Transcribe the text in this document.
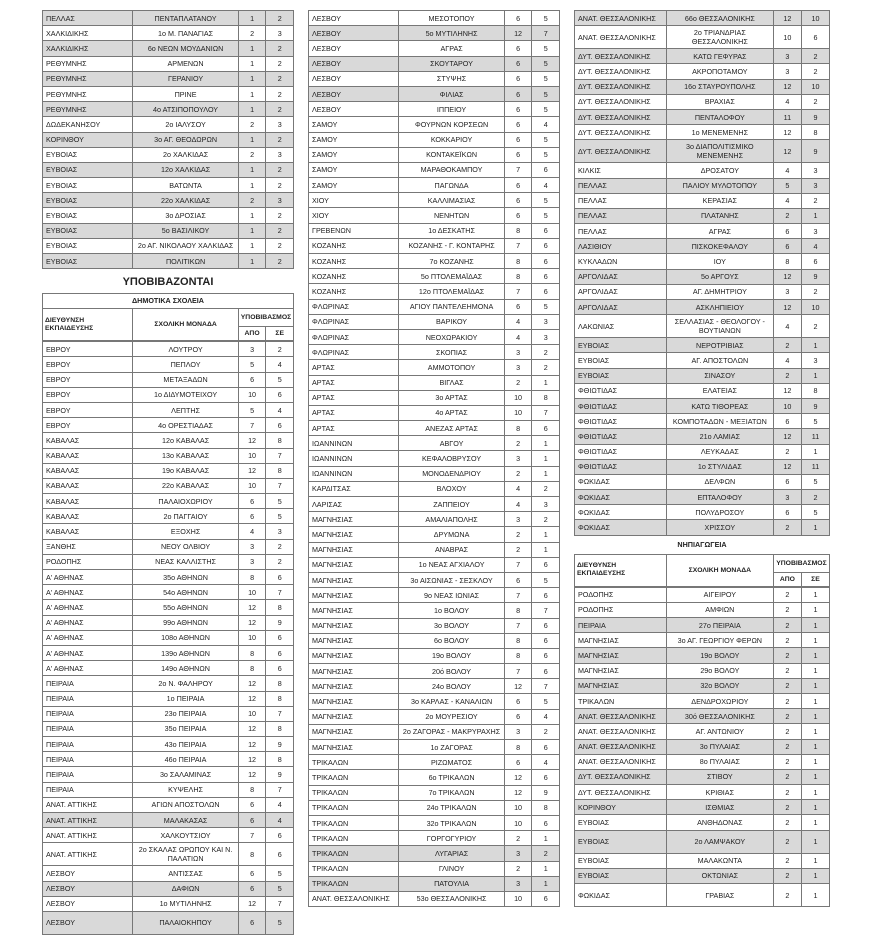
ΠΕΛΛΑΣ	ΠΕΝΤΑΠΛΑΤΑΝΟΥ	1	2
ΧΑΛΚΙΔΙΚΗΣ	1ο Μ. ΠΑΝΑΓΙΑΣ	2	3
ΧΑΛΚΙΔΙΚΗΣ	6ο ΝΕΩΝ ΜΟΥΔΑΝΙΩΝ	1	2
ΡΕΘΥΜΝΗΣ	ΑΡΜΕΝΩΝ	1	2
ΡΕΘΥΜΝΗΣ	ΓΕΡΑΝΙΟΥ	1	2
ΡΕΘΥΜΝΗΣ	ΠΡΙΝΕ	1	2
ΡΕΘΥΜΝΗΣ	4ο ΑΤΣΙΠΟΠΟΥΛΟΥ	1	2
ΔΩΔΕΚΑΝΗΣΟΥ	2ο ΙΑΛΥΣΟΥ	2	3
ΚΟΡΙΝΘΟΥ	3ο ΑΓ. ΘΕΟΔΩΡΩΝ	1	2
ΕΥΒΟΙΑΣ	2ο ΧΑΛΚΙΔΑΣ	2	3
ΕΥΒΟΙΑΣ	12ο ΧΑΛΚΙΔΑΣ	1	2
ΕΥΒΟΙΑΣ	ΒΑΤΩΝΤΑ	1	2
ΕΥΒΟΙΑΣ	22ο ΧΑΛΚΙΔΑΣ	2	3
ΕΥΒΟΙΑΣ	3ο ΔΡΟΣΙΑΣ	1	2
ΕΥΒΟΙΑΣ	5ο ΒΑΣΙΛΙΚΟΥ	1	2
ΕΥΒΟΙΑΣ	2ο ΑΓ. ΝΙΚΟΛΑΟΥ ΧΑΛΚΙΔΑΣ	1	2
ΕΥΒΟΙΑΣ	ΠΟΛΙΤΙΚΩΝ	1	2
ΥΠΟΒΙΒΑΖΟΝΤΑΙ
ΔΗΜΟΤΙΚΑ ΣΧΟΛΕΙΑ
ΔΙΕΥΘΥΝΣΗ ΕΚΠΑΙΔΕΥΣΗΣ	ΣΧΟΛΙΚΗ ΜΟΝΑΔΑ	ΥΠΟΒΙΒΑΣΜΟΣ	
		ΑΠΟ	ΣΕ
ΕΒΡΟΥ	ΛΟΥΤΡΟΥ	3	2
ΕΒΡΟΥ	ΠΕΠΛΟΥ	5	4
ΕΒΡΟΥ	ΜΕΤΑΞΑΔΩΝ	6	5
ΕΒΡΟΥ	1ο ΔΙΔΥΜΟΤΕΙΧΟΥ	10	6
ΕΒΡΟΥ	ΛΕΠΤΗΣ	5	4
ΕΒΡΟΥ	4ο ΟΡΕΣΤΙΑΔΑΣ	7	6
ΚΑΒΑΛΑΣ	12ο ΚΑΒΑΛΑΣ	12	8
ΚΑΒΑΛΑΣ	13ο ΚΑΒΑΛΑΣ	10	7
ΚΑΒΑΛΑΣ	19ο ΚΑΒΑΛΑΣ	12	8
ΚΑΒΑΛΑΣ	22ο ΚΑΒΑΛΑΣ	10	7
ΚΑΒΑΛΑΣ	ΠΑΛΑΙΟΧΩΡΙΟΥ	6	5
ΚΑΒΑΛΑΣ	2ο ΠΑΓΓΑΙΟΥ	6	5
ΚΑΒΑΛΑΣ	ΕΞΟΧΗΣ	4	3
ΞΑΝΘΗΣ	ΝΕΟΥ ΟΛΒΙΟΥ	3	2
ΡΟΔΟΠΗΣ	ΝΕΑΣ ΚΑΛΛΙΣΤΗΣ	3	2
Α' ΑΘΗΝΑΣ	35ο ΑΘΗΝΩΝ	8	6
Α' ΑΘΗΝΑΣ	54ο ΑΘΗΝΩΝ	10	7
Α' ΑΘΗΝΑΣ	55ο ΑΘΗΝΩΝ	12	8
Α' ΑΘΗΝΑΣ	99ο ΑΘΗΝΩΝ	12	9
Α' ΑΘΗΝΑΣ	108ο ΑΘΗΝΩΝ	10	6
Α' ΑΘΗΝΑΣ	139ο ΑΘΗΝΩΝ	8	6
Α' ΑΘΗΝΑΣ	149ο ΑΘΗΝΩΝ	8	6
ΠΕΙΡΑΙΑ	2ο Ν. ΦΑΛΗΡΟΥ	12	8
ΠΕΙΡΑΙΑ	1ο ΠΕΙΡΑΙΑ	12	8
ΠΕΙΡΑΙΑ	23ο ΠΕΙΡΑΙΑ	10	7
ΠΕΙΡΑΙΑ	35ο ΠΕΙΡΑΙΑ	12	8
ΠΕΙΡΑΙΑ	43ο ΠΕΙΡΑΙΑ	12	9
ΠΕΙΡΑΙΑ	46ο ΠΕΙΡΑΙΑ	12	8
ΠΕΙΡΑΙΑ	3ο ΣΑΛΑΜΙΝΑΣ	12	9
ΠΕΙΡΑΙΑ	ΚΥΨΕΛΗΣ	8	7
ΑΝΑΤ. ΑΤΤΙΚΗΣ	ΑΓΙΩΝ ΑΠΟΣΤΟΛΩΝ	6	4
ΑΝΑΤ. ΑΤΤΙΚΗΣ	ΜΑΛΑΚΑΣΑΣ	6	4
ΑΝΑΤ. ΑΤΤΙΚΗΣ	ΧΑΛΚΟΥΤΣΙΟΥ	7	6
ΑΝΑΤ. ΑΤΤΙΚΗΣ	2ο ΣΚΑΛΑΣ ΩΡΩΠΟΥ ΚΑΙ Ν. ΠΑΛΑΤΙΩΝ	8	6
ΛΕΣΒΟΥ	ΑΝΤΙΣΣΑΣ	6	5
ΛΕΣΒΟΥ	ΔΑΦΙΩΝ	6	5
ΛΕΣΒΟΥ	1ο ΜΥΤΙΛΗΝΗΣ	12	7
ΛΕΣΒΟΥ	ΠΑΛΑΙΟΚΗΠΟΥ	6	5
ΛΕΣΒΟΥ	ΜΕΣΟΤΟΠΟΥ	6	5
ΛΕΣΒΟΥ	5ο ΜΥΤΙΛΗΝΗΣ	12	7
ΛΕΣΒΟΥ	ΑΓΡΑΣ	6	5
ΛΕΣΒΟΥ	ΣΚΟΥΤΑΡΟΥ	6	5
ΛΕΣΒΟΥ	ΣΤΥΨΗΣ	6	5
ΛΕΣΒΟΥ	ΦΙΛΙΑΣ	6	5
ΛΕΣΒΟΥ	ΙΠΠΕΙΟΥ	6	5
ΣΑΜΟΥ	ΦΟΥΡΝΩΝ ΚΟΡΣΕΩΝ	6	4
ΣΑΜΟΥ	ΚΟΚΚΑΡΙΟΥ	6	5
ΣΑΜΟΥ	ΚΟΝΤΑΚΕΪΚΩΝ	6	5
ΣΑΜΟΥ	ΜΑΡΑΘΟΚΑΜΠΟΥ	7	6
ΣΑΜΟΥ	ΠΑΓΩΝΔΑ	6	4
ΧΙΟΥ	ΚΑΛΛΙΜΑΣΙΑΣ	6	5
ΧΙΟΥ	ΝΕΝΗΤΩΝ	6	5
ΓΡΕΒΕΝΩΝ	1ο ΔΕΣΚΑΤΗΣ	8	6
ΚΟΖΑΝΗΣ	ΚΟΖΑΝΗΣ - Γ. ΚΟΝΤΑΡΗΣ	7	6
ΚΟΖΑΝΗΣ	7ο ΚΟΖΑΝΗΣ	8	6
ΚΟΖΑΝΗΣ	5ο ΠΤΟΛΕΜΑΪΔΑΣ	8	6
ΚΟΖΑΝΗΣ	12ο ΠΤΟΛΕΜΑΪΔΑΣ	7	6
ΦΛΩΡΙΝΑΣ	ΑΓΙΟΥ ΠΑΝΤΕΛΕΗΜΟΝΑ	6	5
ΦΛΩΡΙΝΑΣ	ΒΑΡΙΚΟΥ	4	3
ΦΛΩΡΙΝΑΣ	ΝΕΟΧΩΡΑΚΙΟΥ	4	3
ΦΛΩΡΙΝΑΣ	ΣΚΟΠΙΑΣ	3	2
ΑΡΤΑΣ	ΑΜΜΟΤΟΠΟΥ	3	2
ΑΡΤΑΣ	ΒΙΓΛΑΣ	2	1
ΑΡΤΑΣ	3ο ΑΡΤΑΣ	10	8
ΑΡΤΑΣ	4ο ΑΡΤΑΣ	10	7
ΑΡΤΑΣ	ΑΝΕΖΑΣ ΑΡΤΑΣ	8	6
ΙΩΑΝΝΙΝΩΝ	ΑΒΓΟΥ	2	1
ΙΩΑΝΝΙΝΩΝ	ΚΕΦΑΛΟΒΡΥΣΟΥ	3	1
ΙΩΑΝΝΙΝΩΝ	ΜΟΝΟΔΕΝΔΡΙΟΥ	2	1
ΚΑΡΔΙΤΣΑΣ	ΒΛΟΧΟΥ	4	2
ΛΑΡΙΣΑΣ	ΖΑΠΠΕΙΟΥ	4	3
ΜΑΓΝΗΣΙΑΣ	ΑΜΑΛΙΑΠΟΛΗΣ	3	2
ΜΑΓΝΗΣΙΑΣ	ΔΡΥΜΩΝΑ	2	1
ΜΑΓΝΗΣΙΑΣ	ΑΝΑΒΡΑΣ	2	1
ΜΑΓΝΗΣΙΑΣ	1ο ΝΕΑΣ ΑΓΧΙΑΛΟΥ	7	6
ΜΑΓΝΗΣΙΑΣ	3ο ΑΙΣΩΝΙΑΣ - ΣΕΣΚΛΟΥ	6	5
ΜΑΓΝΗΣΙΑΣ	9ο ΝΕΑΣ ΙΩΝΙΑΣ	7	6
ΜΑΓΝΗΣΙΑΣ	1ο ΒΟΛΟΥ	8	7
ΜΑΓΝΗΣΙΑΣ	3ο ΒΟΛΟΥ	7	6
ΜΑΓΝΗΣΙΑΣ	6ο ΒΟΛΟΥ	8	6
ΜΑΓΝΗΣΙΑΣ	19ο ΒΟΛΟΥ	8	6
ΜΑΓΝΗΣΙΑΣ	20ό ΒΟΛΟΥ	7	6
ΜΑΓΝΗΣΙΑΣ	24ο ΒΟΛΟΥ	12	7
ΜΑΓΝΗΣΙΑΣ	3ο ΚΑΡΛΑΣ - ΚΑΝΑΛΙΩΝ	6	5
ΜΑΓΝΗΣΙΑΣ	2ο ΜΟΥΡΕΣΙΟΥ	6	4
ΜΑΓΝΗΣΙΑΣ	2ο ΖΑΓΟΡΑΣ - ΜΑΚΡΥΡΑΧΗΣ	3	2
ΜΑΓΝΗΣΙΑΣ	1ο ΖΑΓΟΡΑΣ	8	6
ΤΡΙΚΑΛΩΝ	ΡΙΖΩΜΑΤΟΣ	6	4
ΤΡΙΚΑΛΩΝ	6ο ΤΡΙΚΑΛΩΝ	12	6
ΤΡΙΚΑΛΩΝ	7ο ΤΡΙΚΑΛΩΝ	12	9
ΤΡΙΚΑΛΩΝ	24ο ΤΡΙΚΑΛΩΝ	10	8
ΤΡΙΚΑΛΩΝ	32ο ΤΡΙΚΑΛΩΝ	10	6
ΤΡΙΚΑΛΩΝ	ΓΟΡΓΟΓΥΡΙΟΥ	2	1
ΤΡΙΚΑΛΩΝ	ΛΥΓΑΡΙΑΣ	3	2
ΤΡΙΚΑΛΩΝ	ΓΛΙΝΟΥ	2	1
ΤΡΙΚΑΛΩΝ	ΠΑΤΟΥΛΙΑ	3	1
ΑΝΑΤ. ΘΕΣΣΑΛΟΝΙΚΗΣ	53ο ΘΕΣΣΑΛΟΝΙΚΗΣ	10	6
ΑΝΑΤ. ΘΕΣΣΑΛΟΝΙΚΗΣ	66ο ΘΕΣΣΑΛΟΝΙΚΗΣ	12	10
ΑΝΑΤ. ΘΕΣΣΑΛΟΝΙΚΗΣ	2ο ΤΡΙΑΝΔΡΙΑΣ ΘΕΣΣΑΛΟΝΙΚΗΣ	10	6
ΔΥΤ. ΘΕΣΣΑΛΟΝΙΚΗΣ	ΚΑΤΩ ΓΕΦΥΡΑΣ	3	2
ΔΥΤ. ΘΕΣΣΑΛΟΝΙΚΗΣ	ΑΚΡΟΠΟΤΑΜΟΥ	3	2
ΔΥΤ. ΘΕΣΣΑΛΟΝΙΚΗΣ	16ο ΣΤΑΥΡΟΥΠΟΛΗΣ	12	10
ΔΥΤ. ΘΕΣΣΑΛΟΝΙΚΗΣ	ΒΡΑΧΙΑΣ	4	2
ΔΥΤ. ΘΕΣΣΑΛΟΝΙΚΗΣ	ΠΕΝΤΑΛΟΦΟΥ	11	9
ΔΥΤ. ΘΕΣΣΑΛΟΝΙΚΗΣ	1ο ΜΕΝΕΜΕΝΗΣ	12	8
ΔΥΤ. ΘΕΣΣΑΛΟΝΙΚΗΣ	3ο ΔΙΑΠΟΛΙΤΙΣΜΙΚΟ ΜΕΝΕΜΕΝΗΣ	12	9
ΚΙΛΚΙΣ	ΔΡΟΣΑΤΟΥ	4	3
ΠΕΛΛΑΣ	ΠΑΛΙΟΥ ΜΥΛΟΤΟΠΟΥ	5	3
ΠΕΛΛΑΣ	ΚΕΡΑΣΙΑΣ	4	2
ΠΕΛΛΑΣ	ΠΛΑΤΑΝΗΣ	2	1
ΠΕΛΛΑΣ	ΑΓΡΑΣ	6	3
ΛΑΣΙΘΙΟΥ	ΠΙΣΚΟΚΕΦΑΛΟΥ	6	4
ΚΥΚΛΑΔΩΝ	ΙΟΥ	8	6
ΑΡΓΟΛΙΔΑΣ	5ο ΑΡΓΟΥΣ	12	9
ΑΡΓΟΛΙΔΑΣ	ΑΓ. ΔΗΜΗΤΡΙΟΥ	3	2
ΑΡΓΟΛΙΔΑΣ	ΑΣΚΛΗΠΙΕΙΟΥ	12	10
ΛΑΚΩΝΙΑΣ	ΣΕΛΛΑΣΙΑΣ - ΘΕΟΛΟΓΟΥ - ΒΟΥΤΙΑΝΩΝ	4	2
ΕΥΒΟΙΑΣ	ΝΕΡΟΤΡΙΒΙΑΣ	2	1
ΕΥΒΟΙΑΣ	ΑΓ. ΑΠΟΣΤΟΛΩΝ	4	3
ΕΥΒΟΙΑΣ	ΣΙΝΑΣΟΥ	2	1
ΦΘΙΩΤΙΔΑΣ	ΕΛΑΤΕΙΑΣ	12	8
ΦΘΙΩΤΙΔΑΣ	ΚΑΤΩ ΤΙΘΟΡΕΑΣ	10	9
ΦΘΙΩΤΙΔΑΣ	ΚΟΜΠΟΤΑΔΩΝ - ΜΕΞΙΑΤΩΝ	6	5
ΦΘΙΩΤΙΔΑΣ	21ο ΛΑΜΙΑΣ	12	11
ΦΘΙΩΤΙΔΑΣ	ΛΕΥΚΑΔΑΣ	2	1
ΦΘΙΩΤΙΔΑΣ	1ο ΣΤΥΛΙΔΑΣ	12	11
ΦΩΚΙΔΑΣ	ΔΕΛΦΩΝ	6	5
ΦΩΚΙΔΑΣ	ΕΠΤΑΛΟΦΟΥ	3	2
ΦΩΚΙΔΑΣ	ΠΟΛΥΔΡΟΣΟΥ	6	5
ΦΩΚΙΔΑΣ	ΧΡΙΣΣΟΥ	2	1
ΝΗΠΙΑΓΩΓΕΙΑ
ΔΙΕΥΘΥΝΣΗ ΕΚΠΑΙΔΕΥΣΗΣ	ΣΧΟΛΙΚΗ ΜΟΝΑΔΑ	ΥΠΟΒΙΒΑΣΜΟΣ	
		ΑΠΟ	ΣΕ
ΡΟΔΟΠΗΣ	ΑΙΓΕΙΡΟΥ	2	1
ΡΟΔΟΠΗΣ	ΑΜΦΙΩΝ	2	1
ΠΕΙΡΑΙΑ	27ο ΠΕΙΡΑΙΑ	2	1
ΜΑΓΝΗΣΙΑΣ	3ο ΑΓ. ΓΕΩΡΓΙΟΥ ΦΕΡΩΝ	2	1
ΜΑΓΝΗΣΙΑΣ	19ο ΒΟΛΟΥ	2	1
ΜΑΓΝΗΣΙΑΣ	29ο ΒΟΛΟΥ	2	1
ΜΑΓΝΗΣΙΑΣ	32ο ΒΟΛΟΥ	2	1
ΤΡΙΚΑΛΩΝ	ΔΕΝΔΡΟΧΩΡΙΟΥ	2	1
ΑΝΑΤ. ΘΕΣΣΑΛΟΝΙΚΗΣ	30ό ΘΕΣΣΑΛΟΝΙΚΗΣ	2	1
ΑΝΑΤ. ΘΕΣΣΑΛΟΝΙΚΗΣ	ΑΓ. ΑΝΤΩΝΙΟΥ	2	1
ΑΝΑΤ. ΘΕΣΣΑΛΟΝΙΚΗΣ	3ο ΠΥΛΑΙΑΣ	2	1
ΑΝΑΤ. ΘΕΣΣΑΛΟΝΙΚΗΣ	8ο ΠΥΛΑΙΑΣ	2	1
ΔΥΤ. ΘΕΣΣΑΛΟΝΙΚΗΣ	ΣΤΙΒΟΥ	2	1
ΔΥΤ. ΘΕΣΣΑΛΟΝΙΚΗΣ	ΚΡΙΘΙΑΣ	2	1
ΚΟΡΙΝΘΟΥ	ΙΣΘΜΙΑΣ	2	1
ΕΥΒΟΙΑΣ	ΑΝΘΗΔΟΝΑΣ	2	1
ΕΥΒΟΙΑΣ	2ο ΛΑΜΨΑΚΟΥ	2	1
ΕΥΒΟΙΑΣ	ΜΑΛΑΚΩΝΤΑ	2	1
ΕΥΒΟΙΑΣ	ΟΚΤΩΝΙΑΣ	2	1
ΦΩΚΙΔΑΣ	ΓΡΑΒΙΑΣ	2	1
